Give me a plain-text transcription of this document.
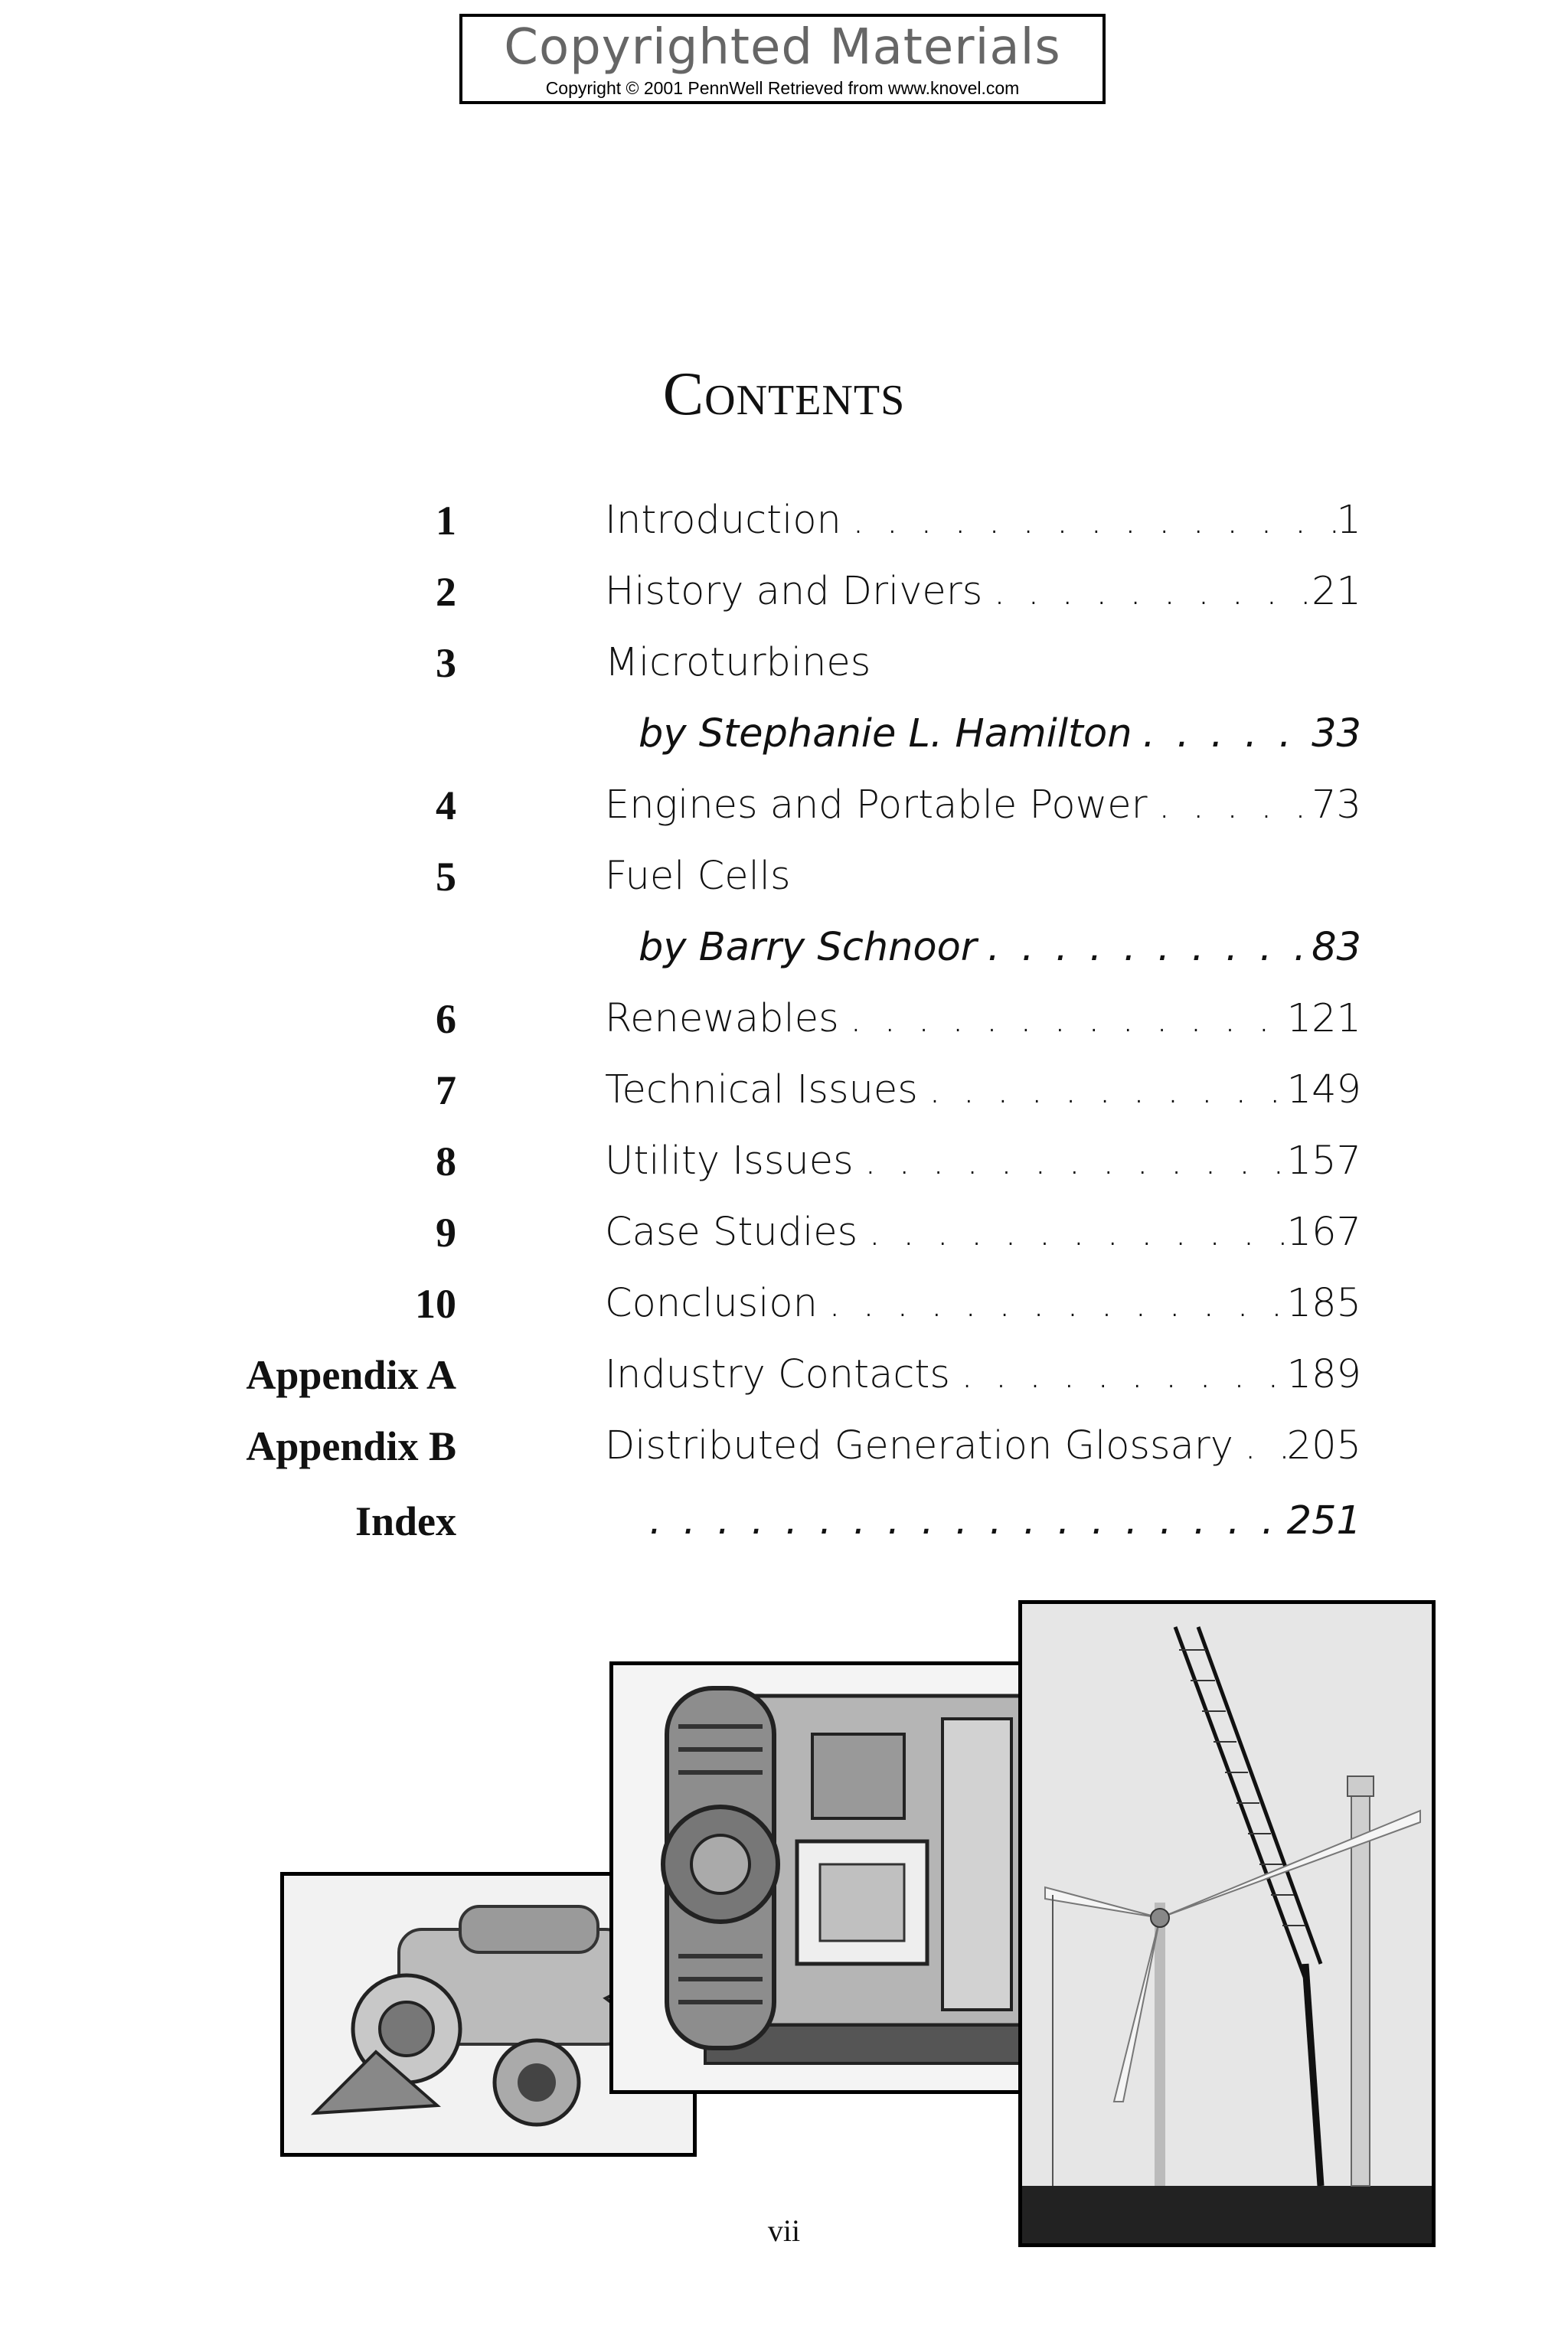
Copyrighted Materials
Copyright © 2001 PennWell Retrieved from www.knovel.com
Contents
1	Introduction . . .	1
2	History and Drivers . . .	21
3	Microturbines
by Stephanie L. Hamilton . . .	33
4	Engines and Portable Power . . .	73
5	Fuel Cells
by Barry Schnoor . . .	83
6	Renewables . . .	121
7	Technical Issues . . .	149
8	Utility Issues . . .	157
9	Case Studies . . .	167
10	Conclusion . . .	185
Appendix A	Industry Contacts . . .	189
Appendix B	Distributed Generation Glossary . . . 205
Index . . .	251
vii
